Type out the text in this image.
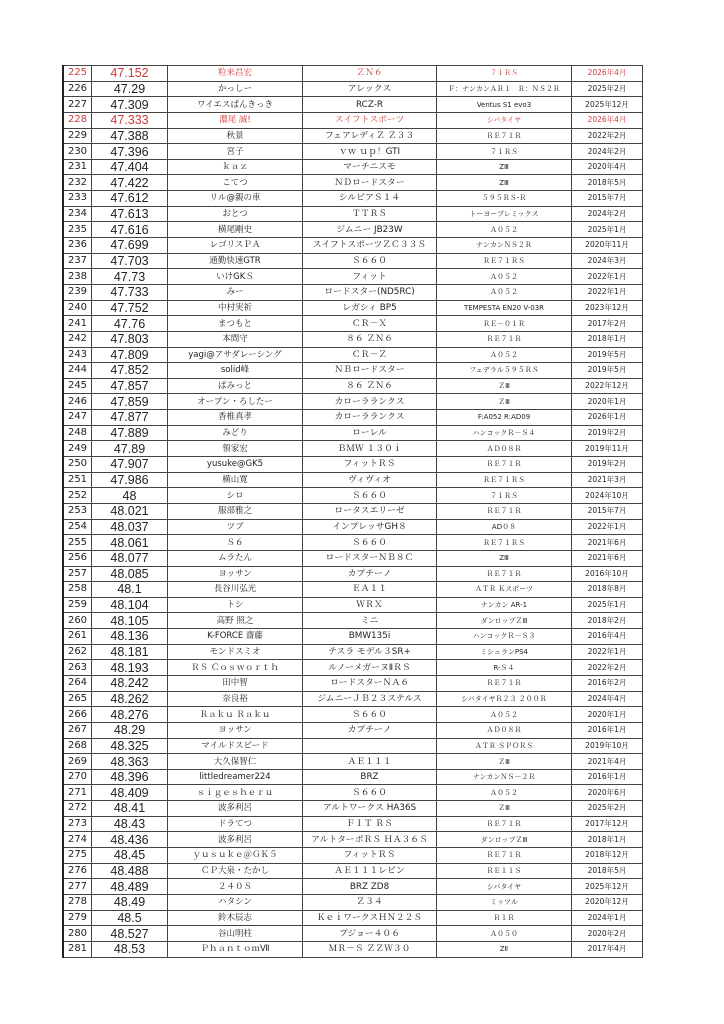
225	47.152	粒来昌宏	ＺＮ６	７１ＲＳ	2026年4月
226	47.29	かっしー	アレックス	Ｆ：ナンカンＡＲ１　Ｒ：ＮＳ２Ｒ	2025年2月
227	47.309	ワイエスぱんきっき	RCZ-R	Ventus S1 evo3	2025年12月
228	47.333	濃尾 誠!	スイフトスポーツ	シバタイヤ	2026年4月
229	47.388	秋景	フェアレディＺ Ｚ３３	ＲＥ７１Ｒ	2022年2月
230	47.396	宮子	ｖｗ ｕｐ！GTI	７１ＲＳ	2024年2月
231	47.404	ｋａｚ	マーチニスモ	ZⅢ	2020年4月
232	47.422	こてつ	ＮＤロードスター	ZⅢ	2018年5月
233	47.612	リル@親の車	シルビアＳ１４	５９５ＲＳ-Ｒ	2015年7月
234	47.613	おとつ	ＴＴＲＳ	トーヨープレミックス	2024年2月
235	47.616	横尾剛史	ジムニー JB23W	Ａ０５２	2025年1月
236	47.699	レゴリスＰＡ	スイフトスポーツＺＣ３３Ｓ	ナンカンＮＳ２Ｒ	2020年11月
237	47.703	通勤快速GTR	Ｓ６６０	ＲＥ７１ＲＳ	2024年3月
238	47.73	いけGKＳ	フィット	Ａ０５２	2022年1月
239	47.733	みー	ロードスター(ND5RC)	Ａ０５２	2022年1月
240	47.752	中村実祈	レガシィ BP5	TEMPESTA EN20 V-03R	2023年12月
241	47.76	まつもと	ＣＲ－Ｘ	ＲＥ－０１Ｒ	2017年2月
242	47.803	本間守	８６ ＺＮ６	ＲＥ７１Ｒ	2018年1月
243	47.809	yagi@アサダレーシング	ＣＲ－Ｚ	Ａ０５２	2019年5月
244	47.852	solid峰	ＮＢロードスター	フェデラル５９５ＲＳ	2019年5月
245	47.857	ぱみっと	８６ ＺＮ６	ＺⅢ	2022年12月
246	47.859	オープン・ろしたー	カローラランクス	ＺⅢ	2020年1月
247	47.877	香椎真孝	カローラランクス	F:A052 R:AD09	2026年1月
248	47.889	みどり	ローレル	ハンコックＲ－Ｓ４	2019年2月
249	47.89	領家宏	ＢＭＷ １３０ｉ	ＡＤ０８Ｒ	2019年11月
250	47.907	yusuke@GK5	フィットＲＳ	ＲＥ７１Ｒ	2019年2月
251	47.986	横山寛	ヴィヴィオ	ＲＥ７１ＲＳ	2021年3月
252	48	シロ	Ｓ６６０	７１ＲＳ	2024年10月
253	48.021	服部雅之	ロータスエリーゼ	ＲＥ７１Ｒ	2015年7月
254	48.037	ツブ	インプレッサGH８	AD０８	2022年1月
255	48.061	Ｓ６	Ｓ６６０	ＲＥ７１ＲＳ	2021年6月
256	48.077	ムラたん	ロードスターＮＢ８Ｃ	ZⅢ	2021年6月
257	48.085	ヨッサン	カプチーノ	ＲＥ７１Ｒ	2016年10月
258	48.1	長谷川弘光	ＥＡ１１	ＡＴＲ Ｋスポーツ	2018年8月
259	48.104	トシ	ＷＲＸ	ナンカン AR-1	2025年1月
260	48.105	高野 照之	ミニ	ダンロップＺⅢ	2018年2月
261	48.136	K-FORCE 齋藤	BMW135i	ハンコックＲ－Ｓ３	2016年4月
262	48.181	モンドスミオ	テスラ モデル３SR+	ミシュランPS4	2022年1月
263	48.193	ＲＳ Ｃｏｓｗｏｒｔｈ	ルノーメガーヌⅡＲＳ	R-Ｓ４	2022年2月
264	48.242	田中智	ロードスターＮＡ６	ＲＥ７１Ｒ	2016年2月
265	48.262	奈良裕	ジムニーＪＢ２３ステルス	シバタイヤＲ２３ ２００Ｒ	2024年4月
266	48.276	Ｒａｋｕ Ｒａｋｕ	Ｓ６６０	Ａ０５２	2020年1月
267	48.29	ヨッサン	カプチーノ	ＡＤ０８Ｒ	2016年1月
268	48.325	マイルドスピード		ＡＴＲ ＳＰＯＲＳ	2019年10月
269	48.363	大久保智仁	ＡＥ１１１	ＺⅢ	2021年4月
270	48.396	littledreamer224	BRZ	ナンカンＮＳ－２Ｒ	2016年1月
271	48.409	ｓｉｇｅｓｈｅｒｕ	Ｓ６６０	Ａ０５２	2020年6月
272	48.41	波多利呂	アルトワークス HA36S	ＺⅢ	2025年2月
273	48.43	ドラてつ	ＦＩＴ ＲＳ	ＲＥ７１Ｒ	2017年12月
274	48.436	波多利呂	アルトターボＲＳ ＨＡ３６Ｓ	ダンロップＺⅢ	2018年1月
275	48.45	ｙｕｓｕｋｅ＠ＧＫ５	フィットＲＳ	ＲＥ７１Ｒ	2018年12月
276	48.488	ＣＰ大泉・たかし	ＡＥ１１１レビン	ＲＥ１１Ｓ	2018年5月
277	48.489	２４０Ｓ	BRZ ZD8	シバタイヤ	2025年12月
278	48.49	ハタシン	Ｚ３４	ミッツル	2020年12月
279	48.5	鈴木辰志	ＫｅｉワークスＨＮ２２Ｓ	Ｒ１Ｒ	2024年1月
280	48.527	谷山明柱	プジョー４０６	Ａ０５０	2020年2月
281	48.53	ＰｈａｎｔｏｍⅦ	ＭＲ－Ｓ ＺＺＷ３０	ZⅡ	2017年4月
